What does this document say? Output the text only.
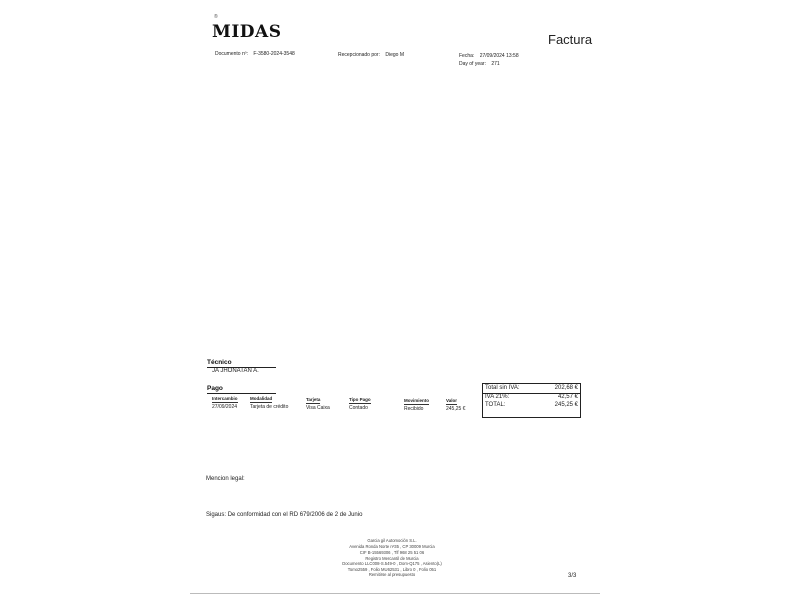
®
MIDAS	Factura
Documento nº: F-3580-2024-3548	Recepcionado por: Diego M	Fecha: 27/09/2024 13:58
Day of year: 271
Técnico
JA JHONATAN A.
Pago
Intercambio	Modalidad	Tarjeta	Tipo Pago	Movimiento	Valor
27/09/2024	Tarjeta de crédito	Visa Caixa	Contado	Recibido	245,25 €
Total sin IVA:	202,68 €
IVA 21%:	42,57 €
TOTAL:	245,25 €
Mencion legal:
Sigaus: De conformidad con el RD 679/2006 de 2 de Junio
Garcia gil Automoción S.L.
Avenida Ronda Norte nº35 , CP 30009 Murcia
CIF B-15569306 , Tlf 968 25 51 06
Registro Mercantil de Murcia
Documento LLC008-S.549-0 , Dom-Q175 , Asiento(L)
Tomo2559 , Folio MU62531 , Libro 0 , Folio 051
Remitirse al presupuesto	3/3
